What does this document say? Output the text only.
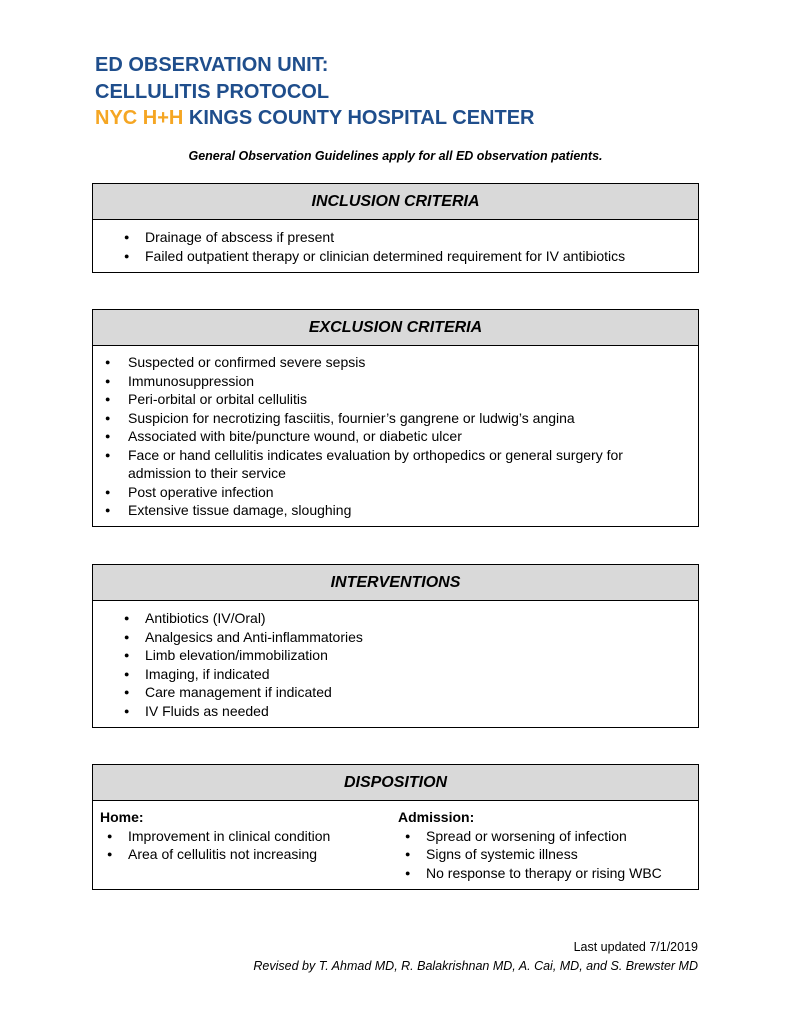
ED OBSERVATION UNIT:
CELLULITIS PROTOCOL
NYC H+H KINGS COUNTY HOSPITAL CENTER
General Observation Guidelines apply for all ED observation patients.
INCLUSION CRITERIA
● Drainage of abscess if present
● Failed outpatient therapy or clinician determined requirement for IV antibiotics
EXCLUSION CRITERIA
● Suspected or confirmed severe sepsis
● Immunosuppression
● Peri-orbital or orbital cellulitis
● Suspicion for necrotizing fasciitis, fournier’s gangrene or ludwig’s angina
● Associated with bite/puncture wound, or diabetic ulcer
● Face or hand cellulitis indicates evaluation by orthopedics or general surgery for admission to their service
● Post operative infection
● Extensive tissue damage, sloughing
INTERVENTIONS
● Antibiotics (IV/Oral)
● Analgesics and Anti-inflammatories
● Limb elevation/immobilization
● Imaging, if indicated
● Care management if indicated
● IV Fluids as needed
DISPOSITION
Home:
● Improvement in clinical condition
● Area of cellulitis not increasing
Admission:
● Spread or worsening of infection
● Signs of systemic illness
● No response to therapy or rising WBC
Last updated 7/1/2019
Revised by T. Ahmad MD, R. Balakrishnan MD, A. Cai, MD, and S. Brewster MD
